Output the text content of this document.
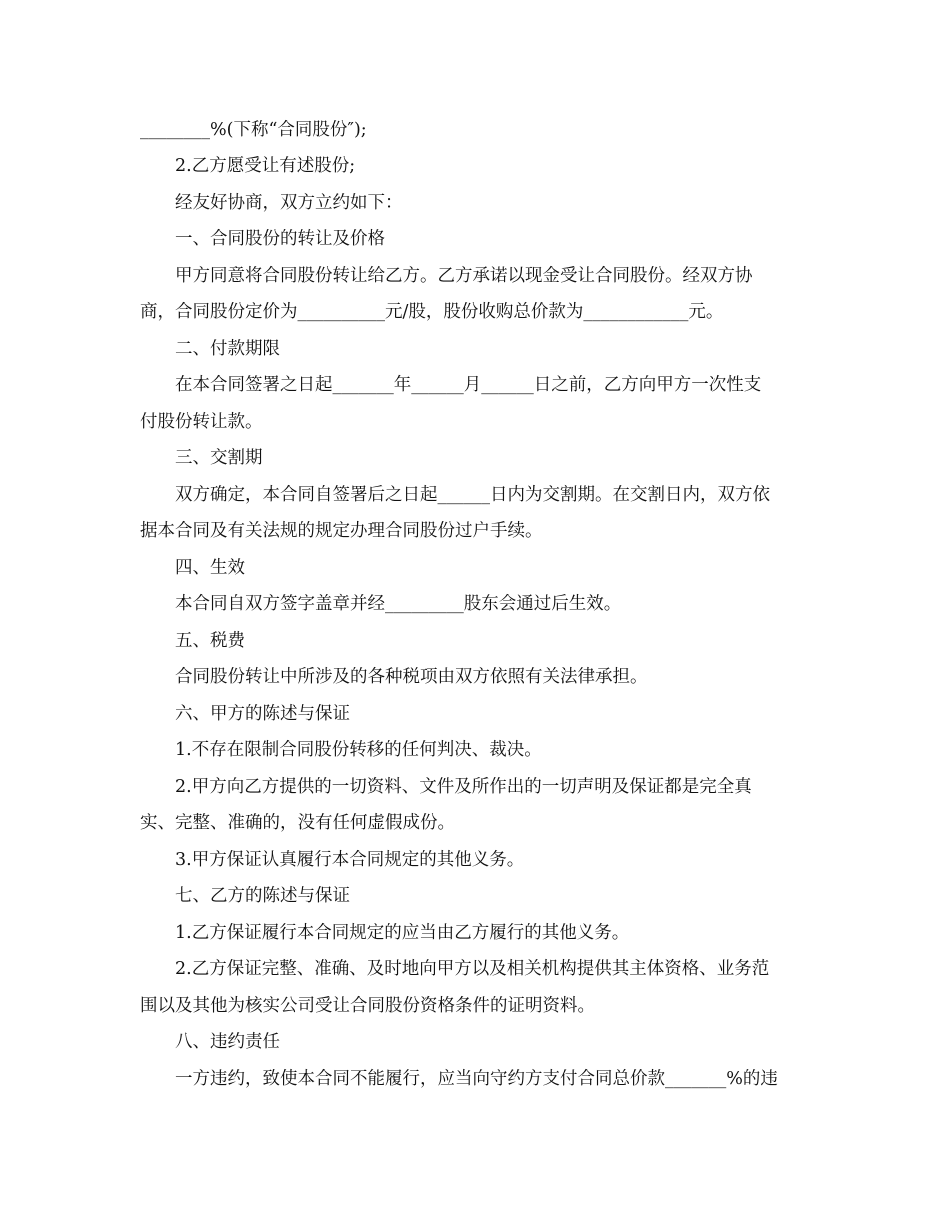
________%(下称“合同股份″);

2.乙方愿受让有述股份;

经友好协商，双方立约如下：

一、合同股份的转让及价格

甲方同意将合同股份转让给乙方。乙方承诺以现金受让合同股份。经双方协

商，合同股份定价为__________元/股，股份收购总价款为____________元。

二、付款期限

在本合同签署之日起_______年______月______日之前，乙方向甲方一次性支

付股份转让款。

三、交割期

双方确定，本合同自签署后之日起______日内为交割期。在交割日内，双方依

据本合同及有关法规的规定办理合同股份过户手续。

四、生效

本合同自双方签字盖章并经_________股东会通过后生效。

五、税费

合同股份转让中所涉及的各种税项由双方依照有关法律承担。

六、甲方的陈述与保证

1.不存在限制合同股份转移的任何判决、裁决。

2.甲方向乙方提供的一切资料、文件及所作出的一切声明及保证都是完全真

实、完整、准确的，没有任何虚假成份。

3.甲方保证认真履行本合同规定的其他义务。

七、乙方的陈述与保证

1.乙方保证履行本合同规定的应当由乙方履行的其他义务。

2.乙方保证完整、准确、及时地向甲方以及相关机构提供其主体资格、业务范

围以及其他为核实公司受让合同股份资格条件的证明资料。

八、违约责任

一方违约，致使本合同不能履行，应当向守约方支付合同总价款_______%的违
